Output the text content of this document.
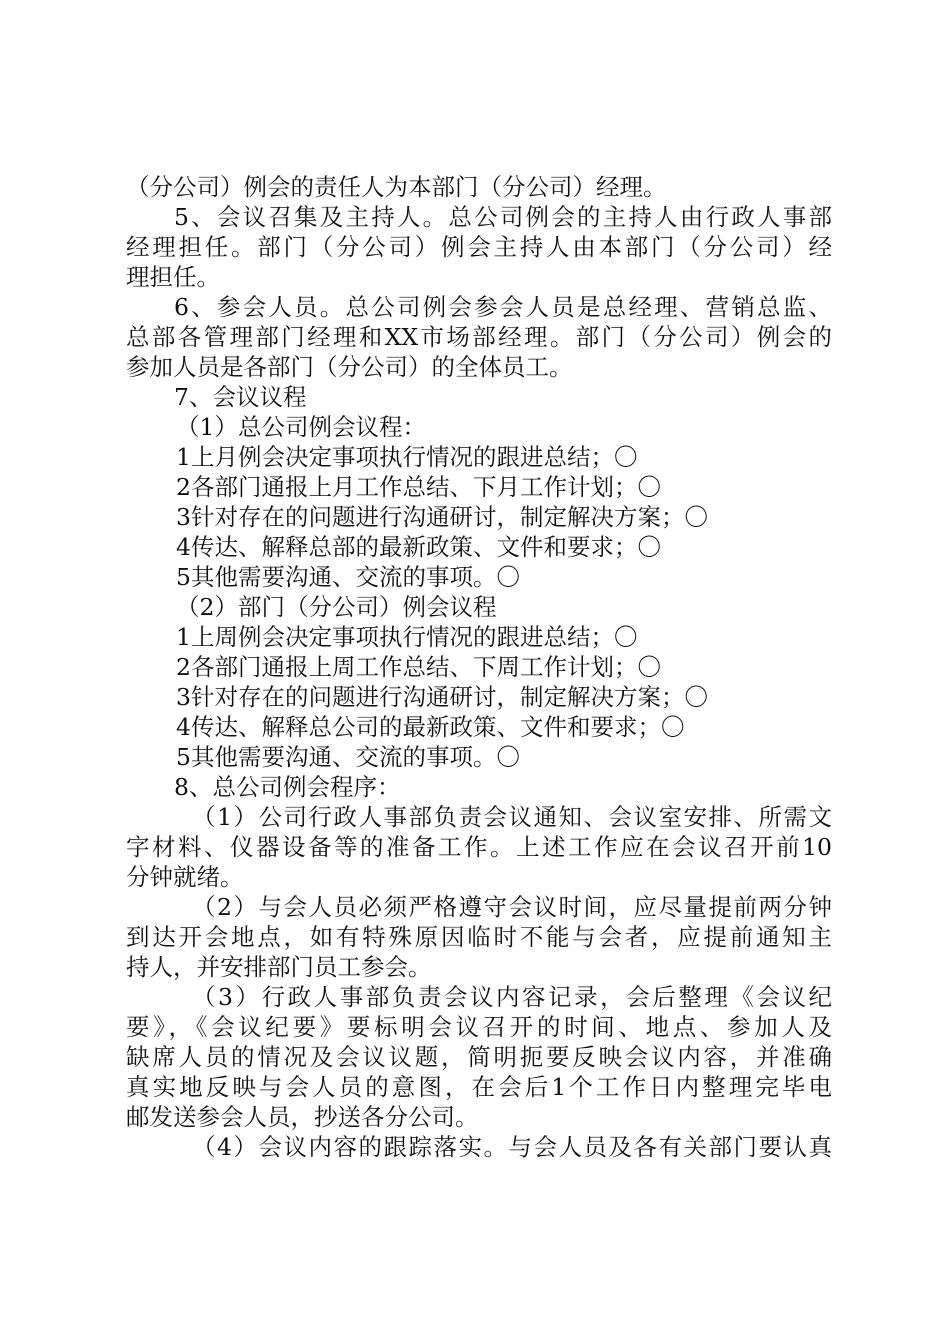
（分公司）例会的责任人为本部门（分公司）经理。
5、会议召集及主持人。总公司例会的主持人由行政人事部
经理担任。部门（分公司）例会主持人由本部门（分公司）经
理担任。
6、参会人员。总公司例会参会人员是总经理、营销总监、
总部各管理部门经理和XX市场部经理。部门（分公司）例会的
参加人员是各部门（分公司）的全体员工。
7、会议议程
（1）总公司例会议程：
1上月例会决定事项执行情况的跟进总结；〇
2各部门通报上月工作总结、下月工作计划；〇
3针对存在的问题进行沟通研讨，制定解决方案；〇
4传达、解释总部的最新政策、文件和要求；〇
5其他需要沟通、交流的事项。〇
（2）部门（分公司）例会议程
1上周例会决定事项执行情况的跟进总结；〇
2各部门通报上周工作总结、下周工作计划；〇
3针对存在的问题进行沟通研讨，制定解决方案；〇
4传达、解释总公司的最新政策、文件和要求；〇
5其他需要沟通、交流的事项。〇
8、总公司例会程序：
（1）公司行政人事部负责会议通知、会议室安排、所需文
字材料、仪器设备等的准备工作。上述工作应在会议召开前10
分钟就绪。
（2）与会人员必须严格遵守会议时间，应尽量提前两分钟
到达开会地点，如有特殊原因临时不能与会者，应提前通知主
持人，并安排部门员工参会。
（3）行政人事部负责会议内容记录，会后整理《会议纪
要》，《会议纪要》要标明会议召开的时间、地点、参加人及
缺席人员的情况及会议议题，简明扼要反映会议内容，并准确
真实地反映与会人员的意图，在会后1个工作日内整理完毕电
邮发送参会人员，抄送各分公司。
（4）会议内容的跟踪落实。与会人员及各有关部门要认真
